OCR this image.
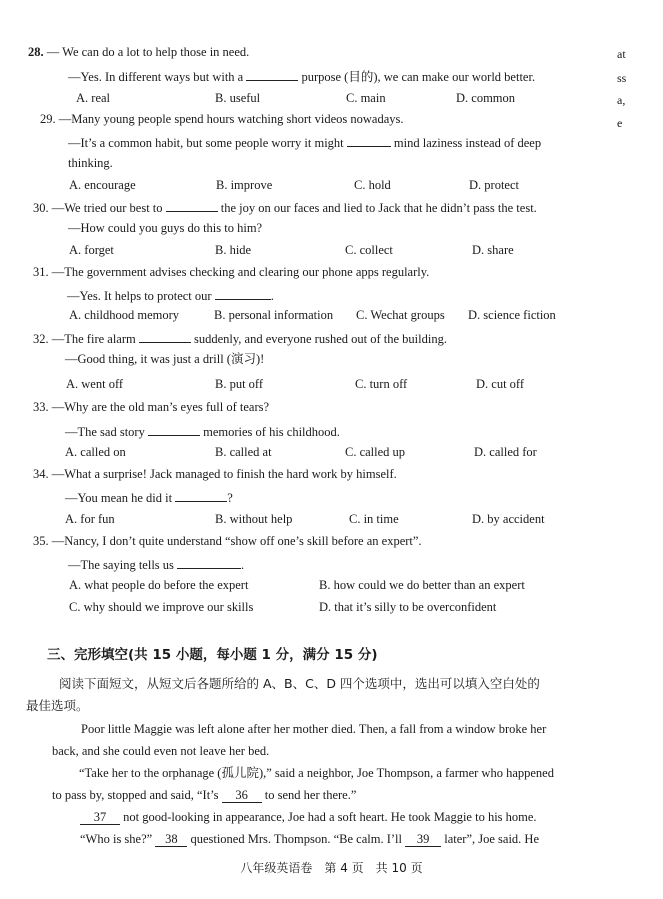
at
ss
a,
e
28. — We can do a lot to help those in need.
—Yes. In different ways but with a	purpose (目的), we can make our world better.
A. real	B. useful	C. main	D. common
29. —Many young people spend hours watching short videos nowadays.
—It’s a common habit, but some people worry it might	mind laziness instead of deep
thinking.
A. encourage	B. improve	C. hold	D. protect
30. —We tried our best to	the joy on our faces and lied to Jack that he didn’t pass the test.
—How could you guys do this to him?
A. forget	B. hide	C. collect	D. share
31. —The government advises checking and clearing our phone apps regularly.
—Yes. It helps to protect our	.
A. childhood memory	B. personal information C. Wechat groups D. science fiction
32. —The fire alarm	suddenly, and everyone rushed out of the building.
—Good thing, it was just a drill (演习)!
A. went off	B. put off	C. turn off	D. cut off
33. —Why are the old man’s eyes full of tears?
—The sad story	memories of his childhood.
A. called on	B. called at	C. called up	D. called for
34. —What a surprise! Jack managed to finish the hard work by himself.
—You mean he did it	?
A. for fun	B. without help	C. in time	D. by accident
35. —Nancy, I don’t quite understand “show off one’s skill before an expert”.
—The saying tells us	.
A. what people do before the expert	B. how could we do better than an expert
C. why should we improve our skills	D. that it’s silly to be overconfident
三、完形填空(共 15 小题，每小题 1 分，满分 15 分)
阅读下面短文，从短文后各题所给的 A、B、C、D 四个选项中，选出可以填入空白处的
最佳选项。
Poor little Maggie was left alone after her mother died. Then, a fall from a window broke her
back, and she could even not leave her bed.
“Take her to the orphanage (孤儿院),” said a neighbor, Joe Thompson, a farmer who happened
to pass by, stopped and said, “It’s 36 to send her there.”
37 not good-looking in appearance, Joe had a soft heart. He took Maggie to his home.
“Who is she?” 38 questioned Mrs. Thompson. “Be calm. I’ll 39 later”, Joe said. He
八年级英语卷　第 4 页　共 10 页
